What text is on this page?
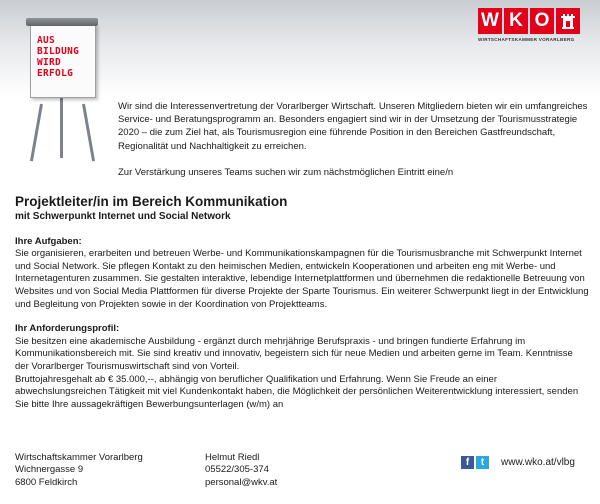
AUS
BILDUNG
WIRD
ERFOLG
W K O
WIRTSCHAFTSKAMMER VORARLBERG

Wir sind die Interessenvertretung der Vorarlberger Wirtschaft. Unseren Mitgliedern bieten wir ein umfangreiches Service- und Beratungsprogramm an. Besonders engagiert sind wir in der Umsetzung der Tourismusstrategie 2020 – die zum Ziel hat, als Tourismusregion eine führende Position in den Bereichen Gastfreundschaft, Regionalität und Nachhaltigkeit zu erreichen.

Zur Verstärkung unseres Teams suchen wir zum nächstmöglichen Eintritt eine/n

Projektleiter/in im Bereich Kommunikation
mit Schwerpunkt Internet und Social Network
Ihre Aufgaben:

Sie organisieren, erarbeiten und betreuen Werbe- und Kommunikationskampagnen für die Tourismusbranche mit Schwerpunkt Internet und Social Network. Sie pflegen Kontakt zu den heimischen Medien, entwickeln Kooperationen und arbeiten eng mit Werbe- und Internetagenturen zusammen. Sie gestalten interaktive, lebendige Internetplattformen und übernehmen die redaktionelle Betreuung von Websites und von Social Media Plattformen für diverse Projekte der Sparte Tourismus. Ein weiterer Schwerpunkt liegt in der Entwicklung und Begleitung von Projekten sowie in der Koordination von Projektteams.

Ihr Anforderungsprofil:

Sie besitzen eine akademische Ausbildung - ergänzt durch mehrjährige Berufspraxis - und bringen fundierte Erfahrung im Kommunikationsbereich mit. Sie sind kreativ und innovativ, begeistern sich für neue Medien und arbeiten gerne im Team. Kenntnisse der Vorarlberger Tourismuswirtschaft sind von Vorteil.

Bruttojahresgehalt ab € 35.000,--, abhängig von beruflicher Qualifikation und Erfahrung. Wenn Sie Freude an einer abwechslungsreichen Tätigkeit mit viel Kundenkontakt haben, die Möglichkeit der persönlichen Weiterentwicklung interessiert, senden Sie bitte Ihre aussagekräftigen Bewerbungsunterlagen (w/m) an

Wirtschaftskammer Vorarlberg
Wichnergasse 9
6800 Feldkirch
Helmut Riedl
05522/305-374
personal@wkv.at
f	t	www.wko.at/vlbg
